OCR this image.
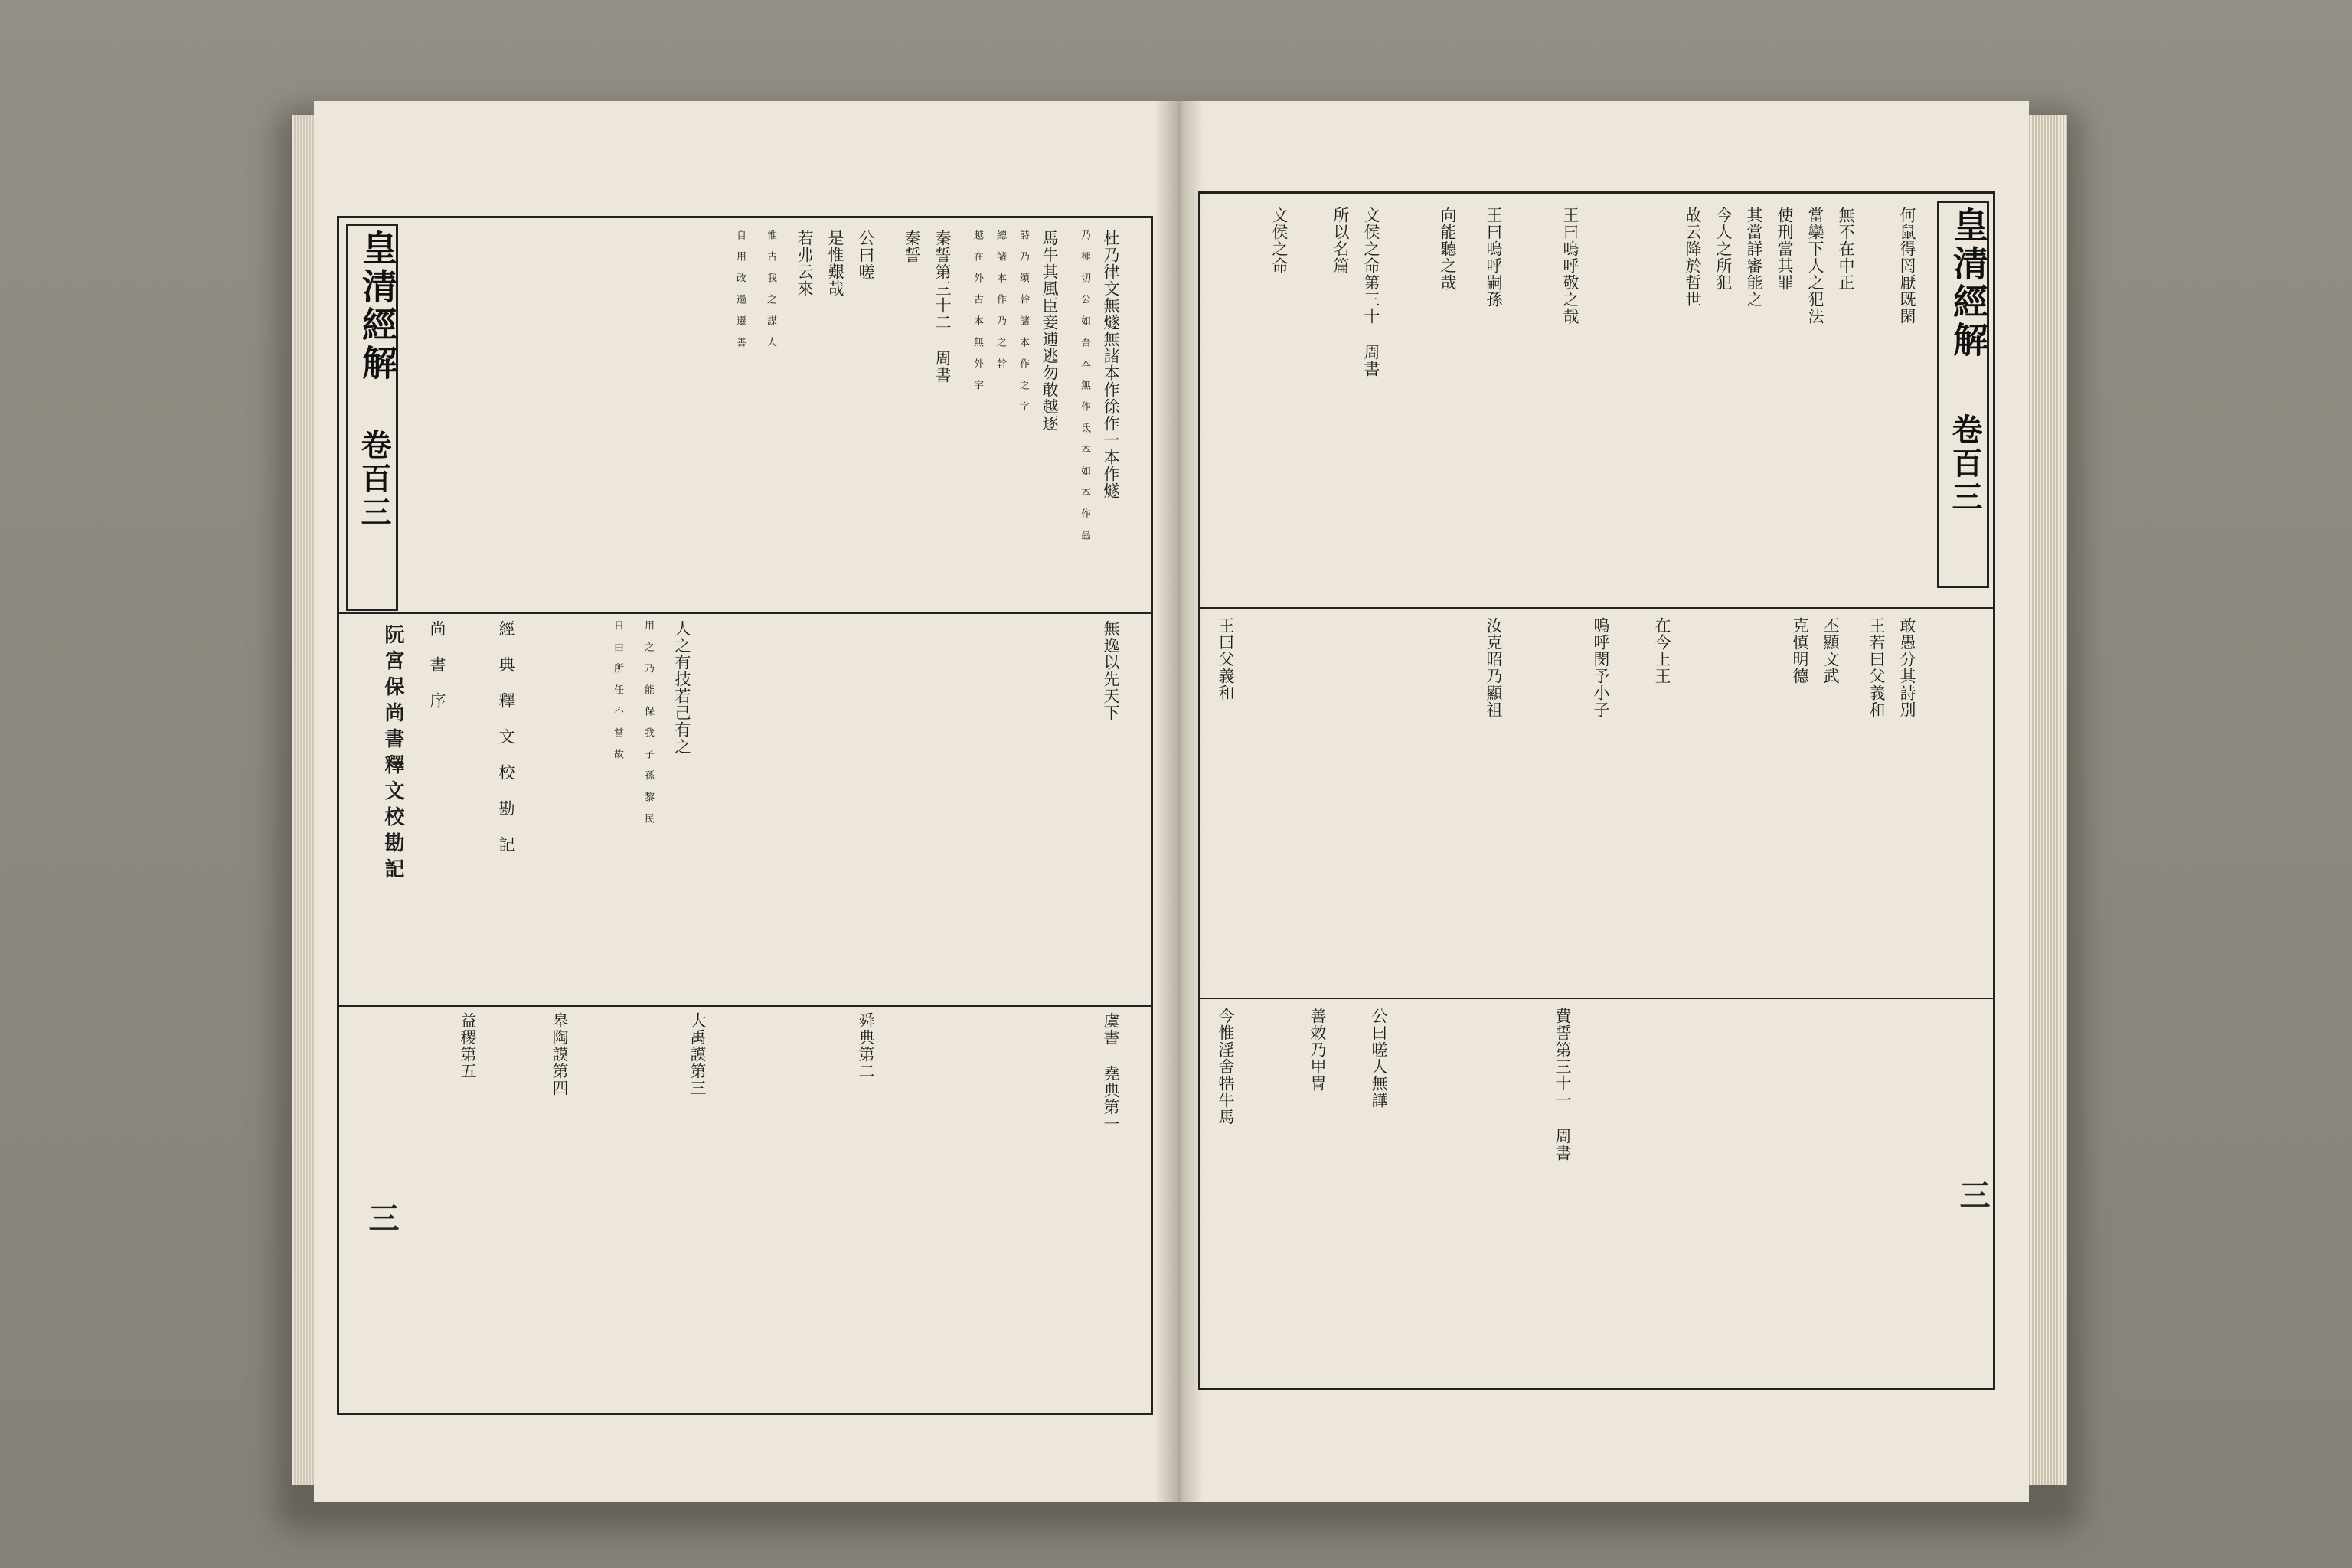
皇清經解
卷百三
三
皇清經解
卷百三
三
杜乃律文無燧無諸本作徐作一本作燧
乃 極 切 公 如 吾 本 無 作 氐 本 如 本 作 愚
馬牛其風臣妾逋逃勿敢越逐
詩 乃 頌 幹 諸 本 作 之 字
總 諸 本 作 乃 之 幹
越 在 外 古 本 無 外 字
秦誓第三十二 周書
秦誓
公曰嗟
是惟艱哉
若弗云來
惟 古 我 之 謀 人
自 用 改 過 遷 善
無逸以先天下
人之有技若己有之
用 之 乃 能 保 我 子 孫 黎 民
日 由 所 任 不 當 故
經 典 釋 文 校 勘 記
尚 書 序
阮宮保尚書釋文校勘記
虞書 堯典第一
舜典第二
大禹謨第三
皋陶謨第四
益稷第五
何鼠得罔厭既閑
無不在中正
當欒下人之犯法
使刑當其罪
其當詳審能之
王曰嗚呼敬之哉	今人之所犯
故云降於哲世
王曰嗚呼嗣孫
向能聽之哉
文侯之命第三十 周書
所以名篇
文侯之命
敢愚分其詩別
王若曰父義和
丕顯文武
克慎明德
在今上王
嗚呼閔予小子
汝克昭乃顯祖
王曰父義和
費誓第三十一 周書
公曰嗟人無譁
善敹乃甲冑
今惟淫舍牿牛馬
